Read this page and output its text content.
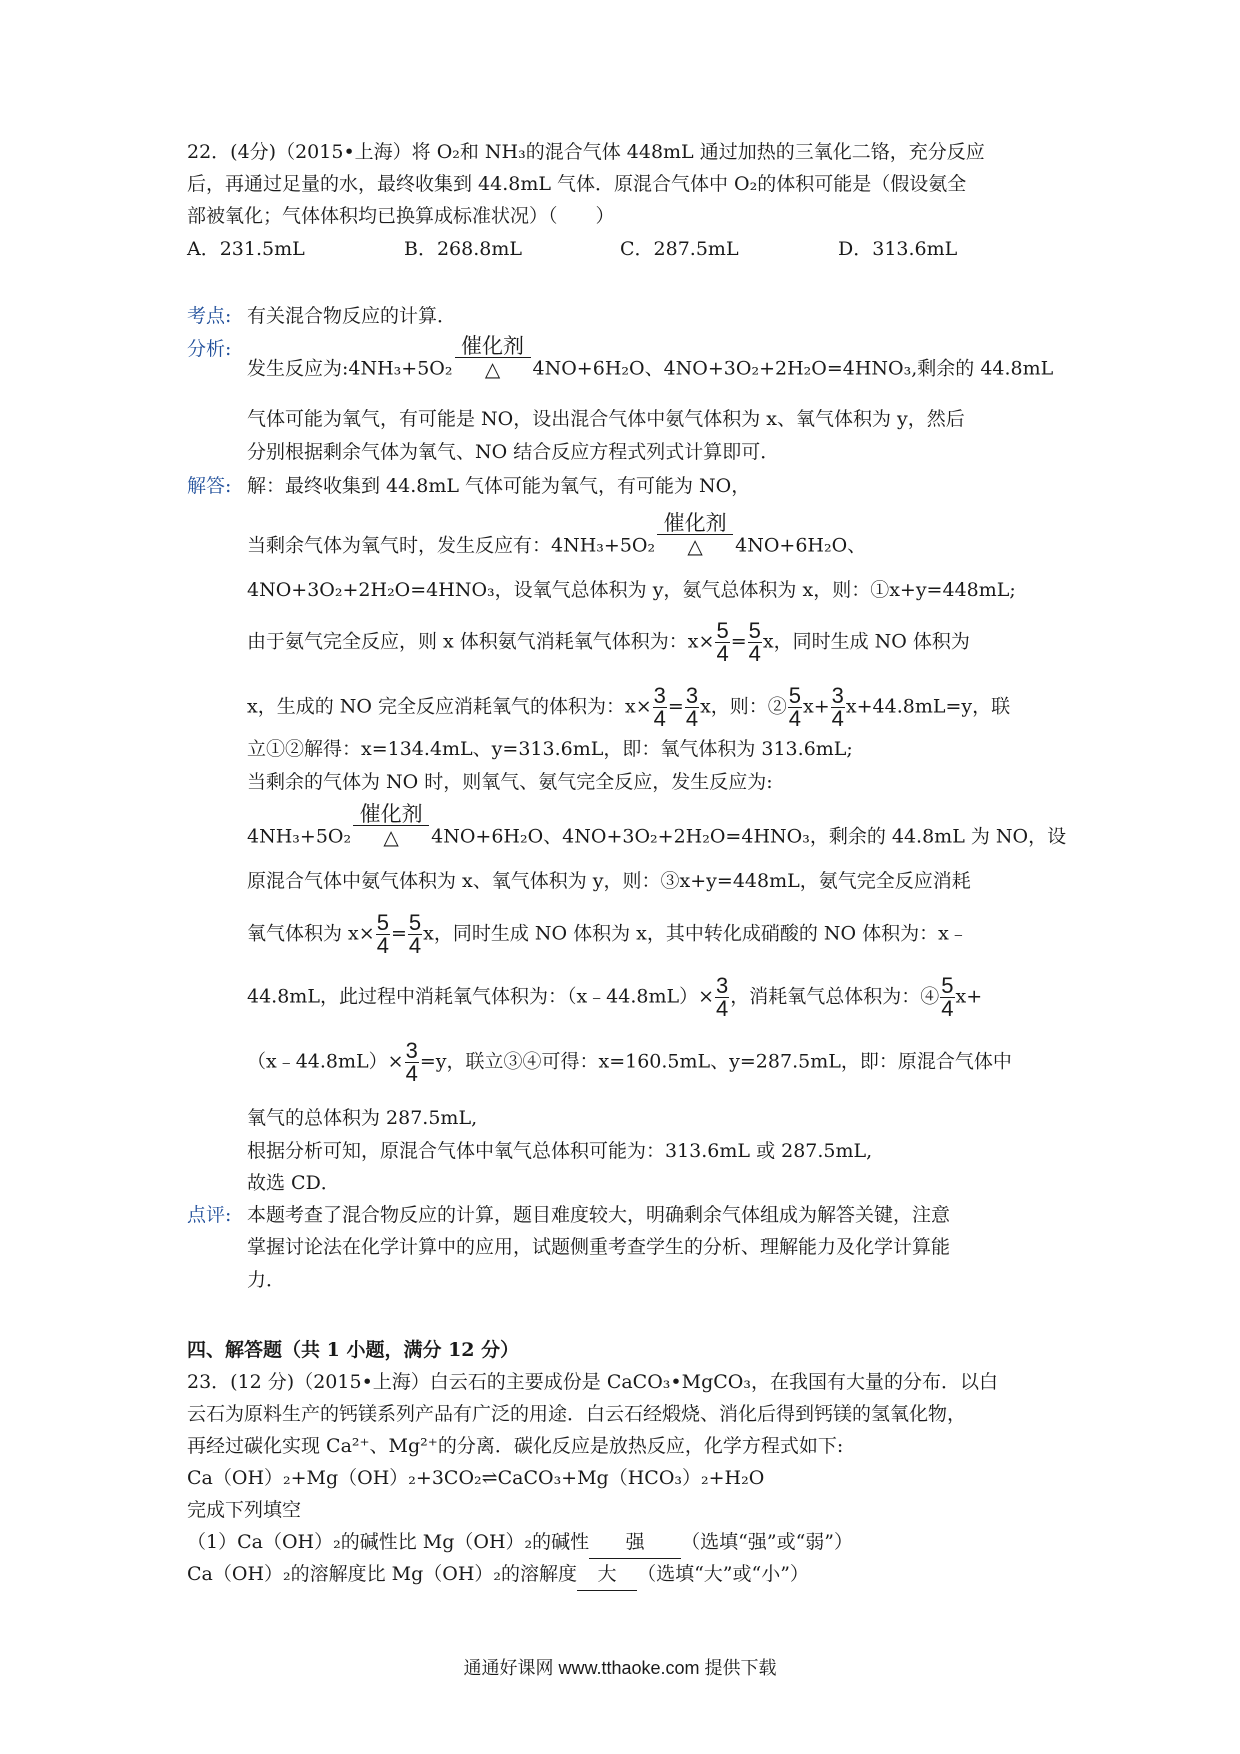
22．(4分)（2015•上海）将 O₂和 NH₃的混合气体 448mL 通过加热的三氧化二铬，充分反应
后，再通过足量的水，最终收集到 44.8mL 气体．原混合气体中 O₂的体积可能是（假设氨全
部被氧化；气体体积均已换算成标准状况）（　　）
A．231.5mL	B．268.8mL	C．287.5mL	D．313.6mL
考点: 有关混合物反应的计算．
分析:
发生反应为:4NH₃+5O₂
催化剂
△	4NO+6H₂O、4NO+3O₂+2H₂O=4HNO₃,剩余的 44.8mL
气体可能为氧气，有可能是 NO，设出混合气体中氨气体积为 x、氧气体积为 y，然后
分别根据剩余气体为氧气、NO 结合反应方程式列式计算即可．
解答: 解：最终收集到 44.8mL 气体可能为氧气，有可能为 NO，
当剩余气体为氧气时，发生反应有：4NH₃+5O₂
催化剂
△	4NO+6H₂O、
4NO+3O₂+2H₂O=4HNO₃，设氧气总体积为 y，氨气总体积为 x，则：①x+y=448mL;
由于氨气完全反应，则 x 体积氨气消耗氧气体积为：$x\times \frac{5}{4} = \frac{5}{4}$ x，同时生成 NO 体积为
x，生成的 NO 完全反应消耗氧气的体积为：$x\times \frac{3}{4} = \frac{3}{4}$ x，则：② $\frac{5}{4} x+ \frac{3}{4} x+44.8mL=y$，联
立①②解得：x=134.4mL、y=313.6mL，即：氧气体积为 313.6mL;
当剩余的气体为 NO 时，则氧气、氨气完全反应，发生反应为:
4NH₃+5O₂
催化剂
△	4NO+6H₂O、4NO+3O₂+2H₂O=4HNO₃，剩余的 44.8mL 为 NO，设
原混合气体中氨气体积为 x、氧气体积为 y，则：③x+y=448mL，氨气完全反应消耗
氧气体积为 $x\times \frac{5}{4} = \frac{5}{4}$ x，同时生成 NO 体积为 x，其中转化成硝酸的 NO 体积为：x﹣
44.8mL，此过程中消耗氧气体积为：（x﹣44.8mL）× $\frac{3}{4}$ ，消耗氧气总体积为：④ $\frac{5}{4} x+$
（x﹣44.8mL）× $\frac{3}{4} =y$，联立③④可得：x=160.5mL、y=287.5mL，即：原混合气体中
氧气的总体积为 287.5mL,
根据分析可知，原混合气体中氧气总体积可能为：313.6mL 或 287.5mL,
故选 CD．
点评: 本题考查了混合物反应的计算，题目难度较大，明确剩余气体组成为解答关键，注意
掌握讨论法在化学计算中的应用，试题侧重考查学生的分析、理解能力及化学计算能
力．
四、解答题（共 1 小题，满分 12 分）
23．(12 分)（2015•上海）白云石的主要成份是 CaCO₃•MgCO₃，在我国有大量的分布．以白
云石为原料生产的钙镁系列产品有广泛的用途．白云石经煅烧、消化后得到钙镁的氢氧化物，
再经过碳化实现 Ca²⁺、Mg²⁺的分离．碳化反应是放热反应，化学方程式如下:
Ca（OH）₂+Mg（OH）₂+3CO₂⇌CaCO₃+Mg（HCO₃）₂+H₂O
完成下列填空
（1）Ca（OH）₂的碱性比 Mg（OH）₂的碱性 强 （选填“强”或“弱”）
Ca（OH）₂的溶解度比 Mg（OH）₂的溶解度 大 （选填“大”或“小”）
通通好课网 www.tthaoke.com 提供下载
